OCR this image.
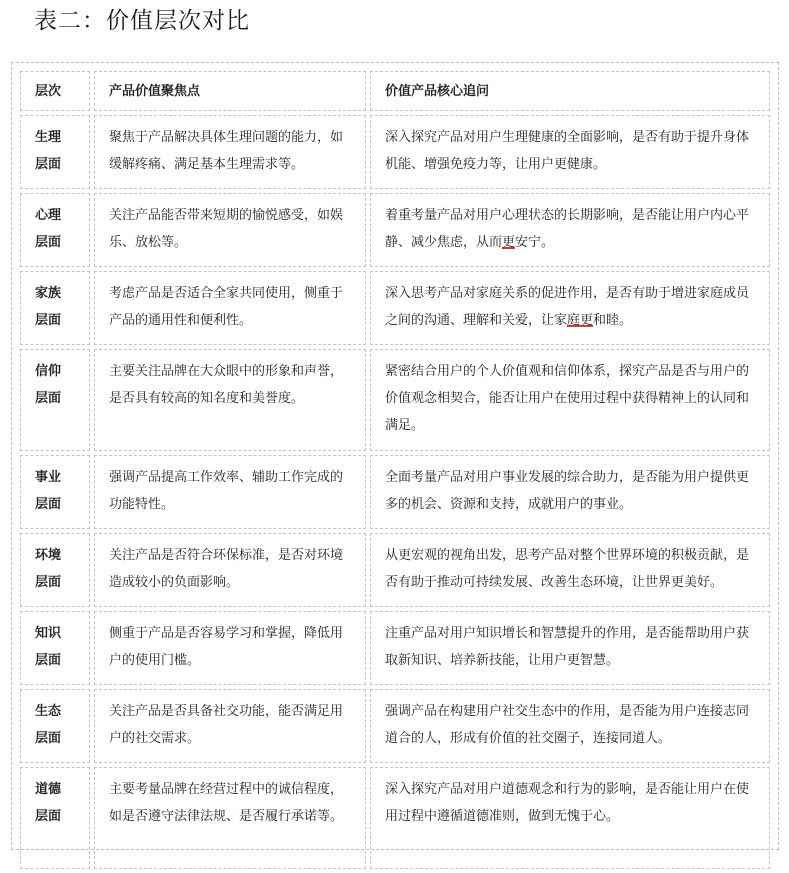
表二：价值层次对比
层次	产品价值聚焦点	价值产品核心追问

生理
层面	聚焦于产品解决具体生理问题的能力，如缓解疼痛、满足基本生理需求等。	深入探究产品对用户生理健康的全面影响，是否有助于提升身体机能、增强免疫力等，让用户更健康。

心理
层面	关注产品能否带来短期的愉悦感受，如娱乐、放松等。	着重考量产品对用户心理状态的长期影响，是否能让用户内心平静、减少焦虑，从而更安宁。

家族
层面	考虑产品是否适合全家共同使用，侧重于产品的通用性和便利性。	深入思考产品对家庭关系的促进作用，是否有助于增进家庭成员之间的沟通、理解和关爱，让家庭更和睦。

信仰
层面	主要关注品牌在大众眼中的形象和声誉，是否具有较高的知名度和美誉度。	紧密结合用户的个人价值观和信仰体系，探究产品是否与用户的价值观念相契合，能否让用户在使用过程中获得精神上的认同和满足。

事业
层面	强调产品提高工作效率、辅助工作完成的功能特性。	全面考量产品对用户事业发展的综合助力，是否能为用户提供更多的机会、资源和支持，成就用户的事业。

环境
层面	关注产品是否符合环保标准，是否对环境造成较小的负面影响。	从更宏观的视角出发，思考产品对整个世界环境的积极贡献，是否有助于推动可持续发展、改善生态环境，让世界更美好。

知识
层面	侧重于产品是否容易学习和掌握，降低用户的使用门槛。	注重产品对用户知识增长和智慧提升的作用，是否能帮助用户获取新知识、培养新技能，让用户更智慧。

生态
层面	关注产品是否具备社交功能，能否满足用户的社交需求。	强调产品在构建用户社交生态中的作用，是否能为用户连接志同道合的人，形成有价值的社交圈子，连接同道人。

道德
层面	主要考量品牌在经营过程中的诚信程度，如是否遵守法律法规、是否履行承诺等。	深入探究产品对用户道德观念和行为的影响，是否能让用户在使用过程中遵循道德准则，做到无愧于心。
